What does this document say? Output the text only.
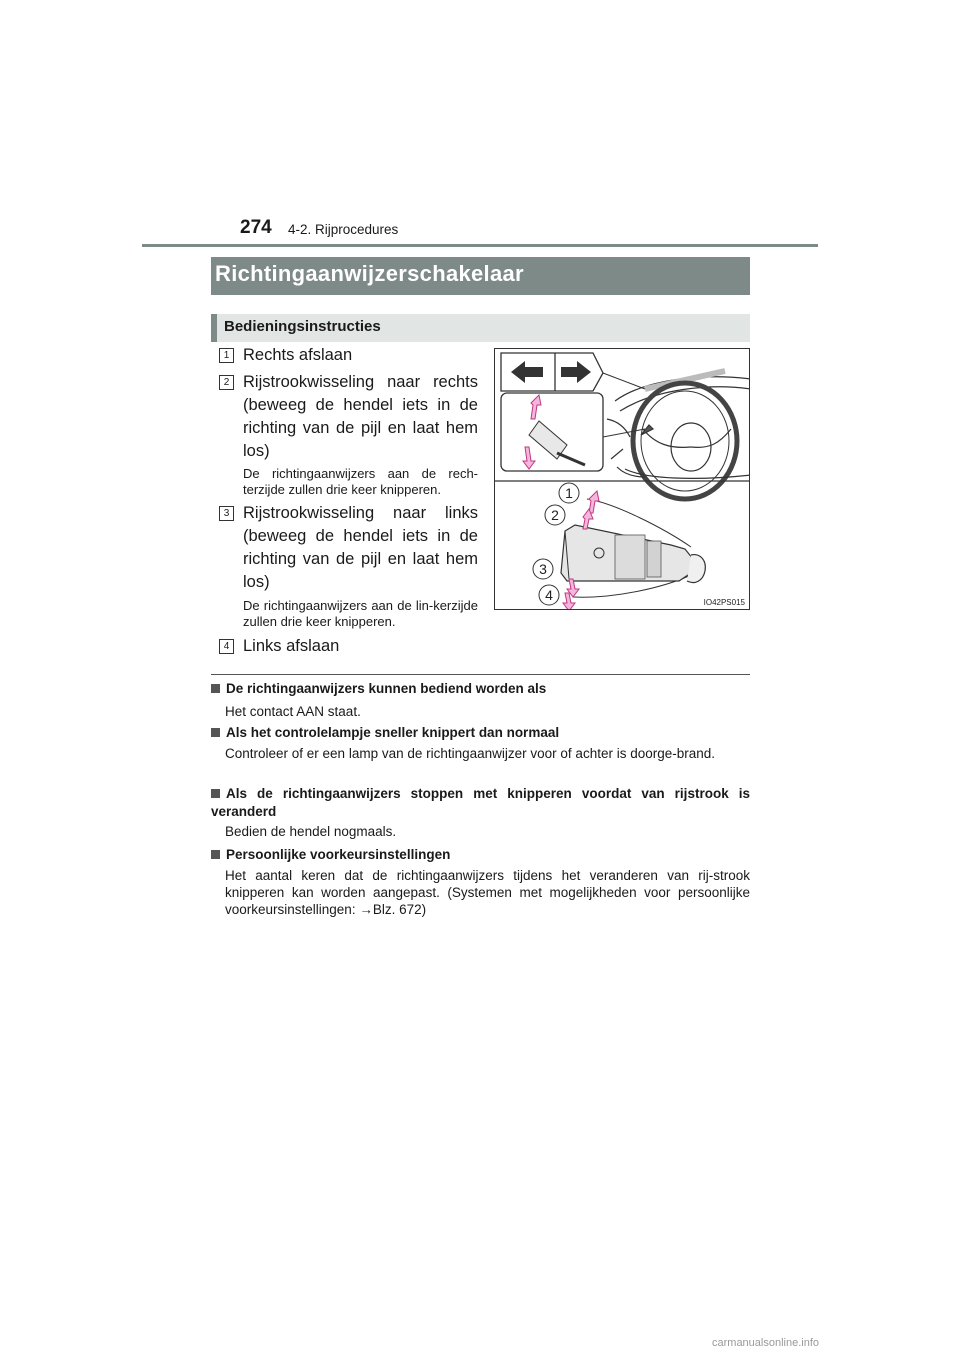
274 4-2. Rijprocedures
Richtingaanwijzerschakelaar
Bedieningsinstructies
1 Rechts afslaan
2 Rijstrookwisseling naar rechts (beweeg de hendel iets in de richting van de pijl en laat hem los)
De richtingaanwijzers aan de rech-terzijde zullen drie keer knipperen.
3 Rijstrookwisseling naar links (beweeg de hendel iets in de richting van de pijl en laat hem los)
De richtingaanwijzers aan de lin-kerzijde zullen drie keer knipperen.
4 Links afslaan
1
2
3
4	IO42PS015
De richtingaanwijzers kunnen bediend worden als
Het contact AAN staat.
Als het controlelampje sneller knippert dan normaal
Controleer of er een lamp van de richtingaanwijzer voor of achter is doorge-brand.
Als de richtingaanwijzers stoppen met knipperen voordat van rijstrook is veranderd
Bedien de hendel nogmaals.
Persoonlijke voorkeursinstellingen
Het aantal keren dat de richtingaanwijzers tijdens het veranderen van rij-strook knipperen kan worden aangepast. (Systemen met mogelijkheden voor persoonlijke voorkeursinstellingen: →Blz. 672)
carmanualsonline.info
